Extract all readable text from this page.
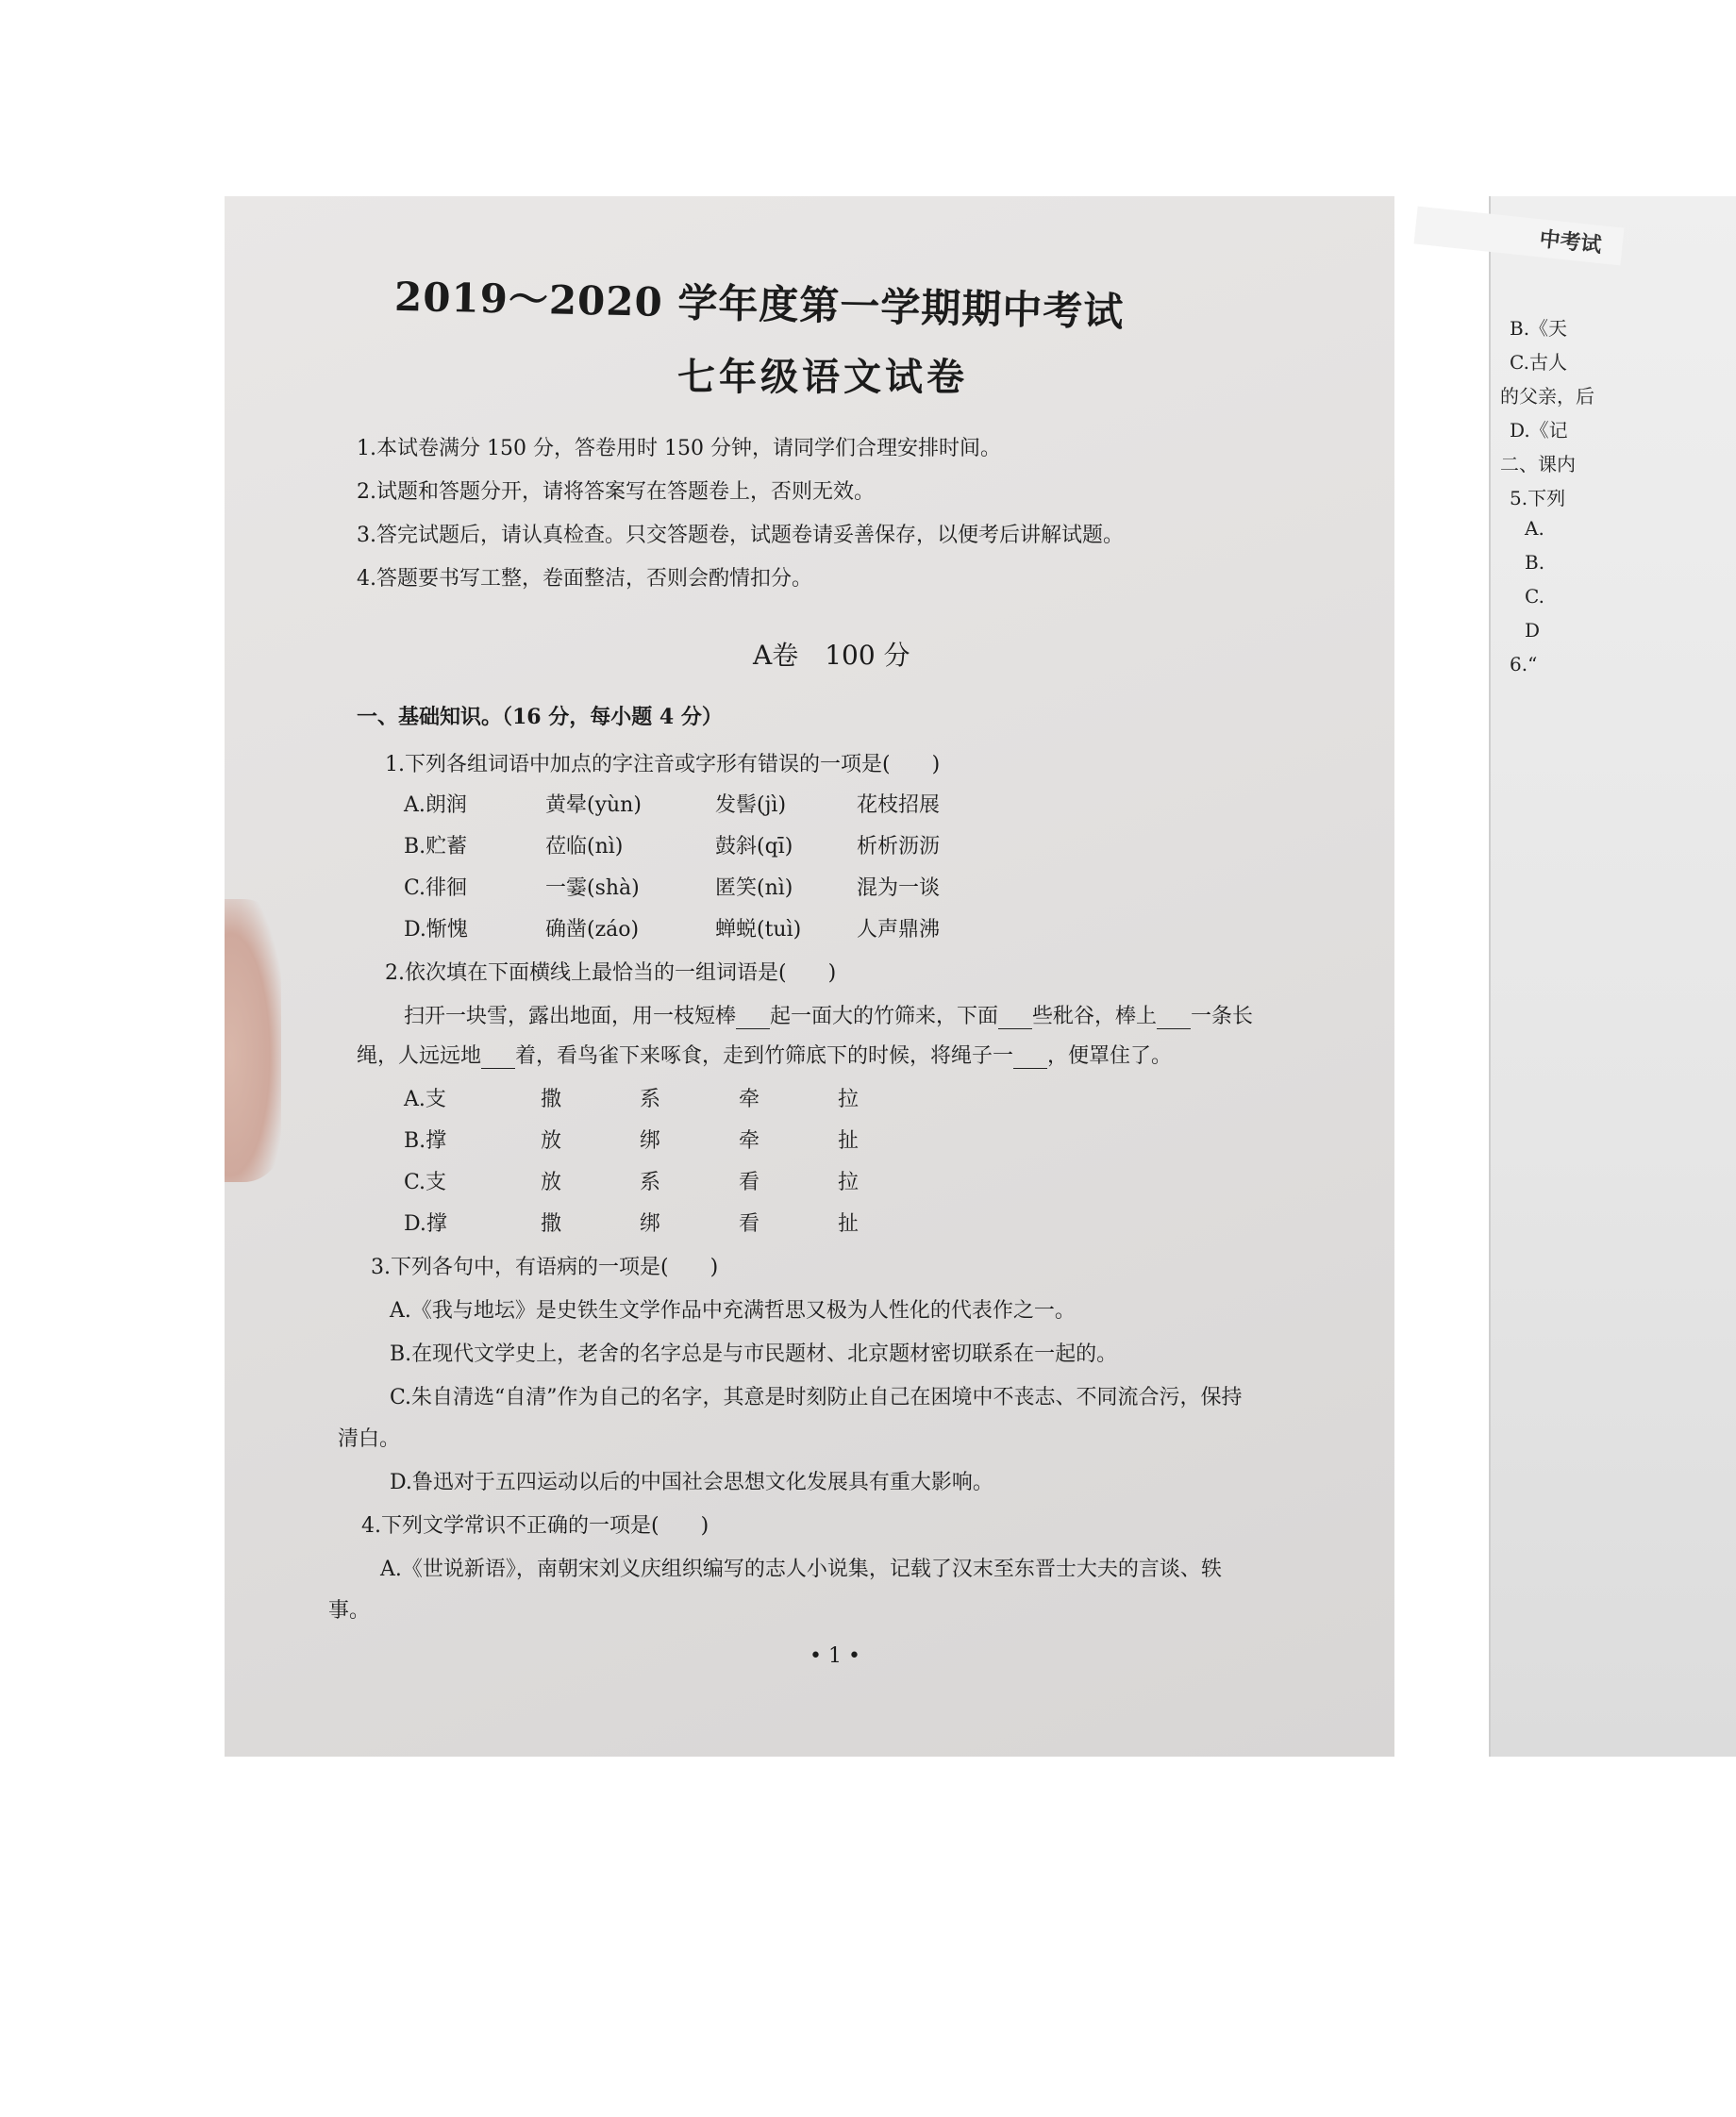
中考试
B.《天
C.古人
的父亲，后
D.《记
二、课内
5.下列
A.
B.
C.
D
6.“
2019～2020 学年度第一学期期中考试
七年级语文试卷
1.本试卷满分 150 分，答卷用时 150 分钟，请同学们合理安排时间。
2.试题和答题分开，请将答案写在答题卷上，否则无效。
3.答完试题后，请认真检查。只交答题卷，试题卷请妥善保存，以便考后讲解试题。
4.答题要书写工整，卷面整洁，否则会酌情扣分。
A卷　100 分
一、基础知识。（16 分，每小题 4 分）
1.下列各组词语中加点的字注音或字形有错误的一项是(　　)
A.朗润	黄晕(yùn)	发髻(jì)	花枝招展
B.贮蓄	莅临(nì)	鼓斜(qī)	析析沥沥
C.徘徊	一霎(shà)	匿笑(nì)	混为一谈
D.惭愧	确凿(záo)	蝉蜕(tuì)	人声鼎沸
2.依次填在下面横线上最恰当的一组词语是(　　)
扫开一块雪，露出地面，用一枝短棒 起一面大的竹筛来，下面 些秕谷，棒上 一条长
绳，人远远地 着，看鸟雀下来啄食，走到竹筛底下的时候，将绳子一 ，便罩住了。
A.支	撒	系	牵	拉
B.撑	放	绑	牵	扯
C.支	放	系	看	拉
D.撑	撒	绑	看	扯
3.下列各句中，有语病的一项是(　　)
A.《我与地坛》是史铁生文学作品中充满哲思又极为人性化的代表作之一。
B.在现代文学史上，老舍的名字总是与市民题材、北京题材密切联系在一起的。
C.朱自清选“自清”作为自己的名字，其意是时刻防止自己在困境中不丧志、不同流合污，保持
清白。
D.鲁迅对于五四运动以后的中国社会思想文化发展具有重大影响。
4.下列文学常识不正确的一项是(　　)
A.《世说新语》，南朝宋刘义庆组织编写的志人小说集，记载了汉末至东晋士大夫的言谈、轶
事。
• 1 •
